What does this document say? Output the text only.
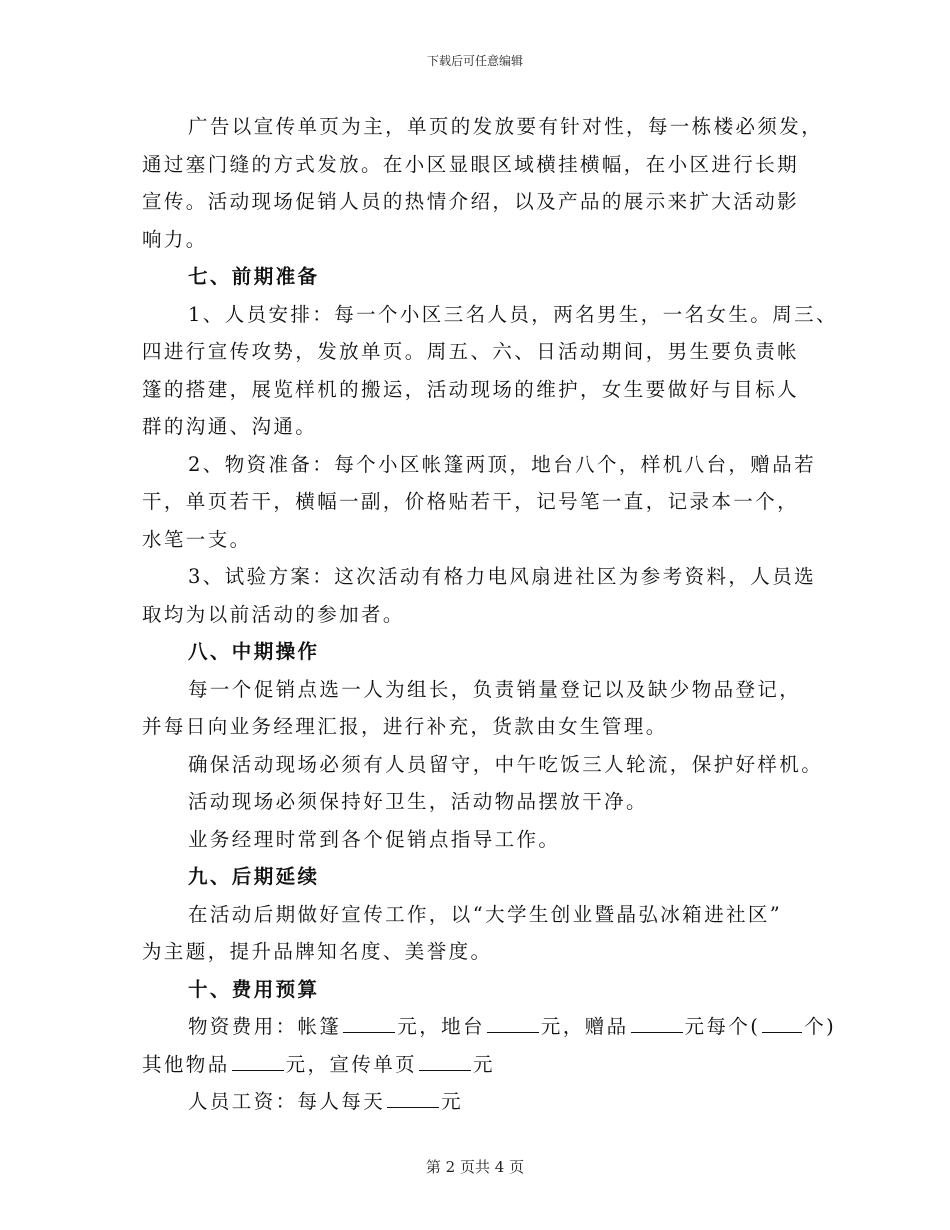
下载后可任意编辑
广告以宣传单页为主，单页的发放要有针对性，每一栋楼必须发，
通过塞门缝的方式发放。在小区显眼区域横挂横幅，在小区进行长期
宣传。活动现场促销人员的热情介绍，以及产品的展示来扩大活动影
响力。
七、前期准备
1、人员安排：每一个小区三名人员，两名男生，一名女生。周三、
四进行宣传攻势，发放单页。周五、六、日活动期间，男生要负责帐
篷的搭建，展览样机的搬运，活动现场的维护，女生要做好与目标人
群的沟通、沟通。
2、物资准备：每个小区帐篷两顶，地台八个，样机八台，赠品若
干，单页若干，横幅一副，价格贴若干，记号笔一直，记录本一个，
水笔一支。
3、试验方案：这次活动有格力电风扇进社区为参考资料，人员选
取均为以前活动的参加者。
八、中期操作
每一个促销点选一人为组长，负责销量登记以及缺少物品登记，
并每日向业务经理汇报，进行补充，货款由女生管理。
确保活动现场必须有人员留守，中午吃饭三人轮流，保护好样机。
活动现场必须保持好卫生，活动物品摆放干净。
业务经理时常到各个促销点指导工作。
九、后期延续
在活动后期做好宣传工作，以“大学生创业暨晶弘冰箱进社区”
为主题，提升品牌知名度、美誉度。
十、费用预算
物资费用：帐篷	元，地台	元，赠品	元每个( 个)
其他物品	元，宣传单页	元
人员工资：每人每天	元
第 2 页共 4 页
